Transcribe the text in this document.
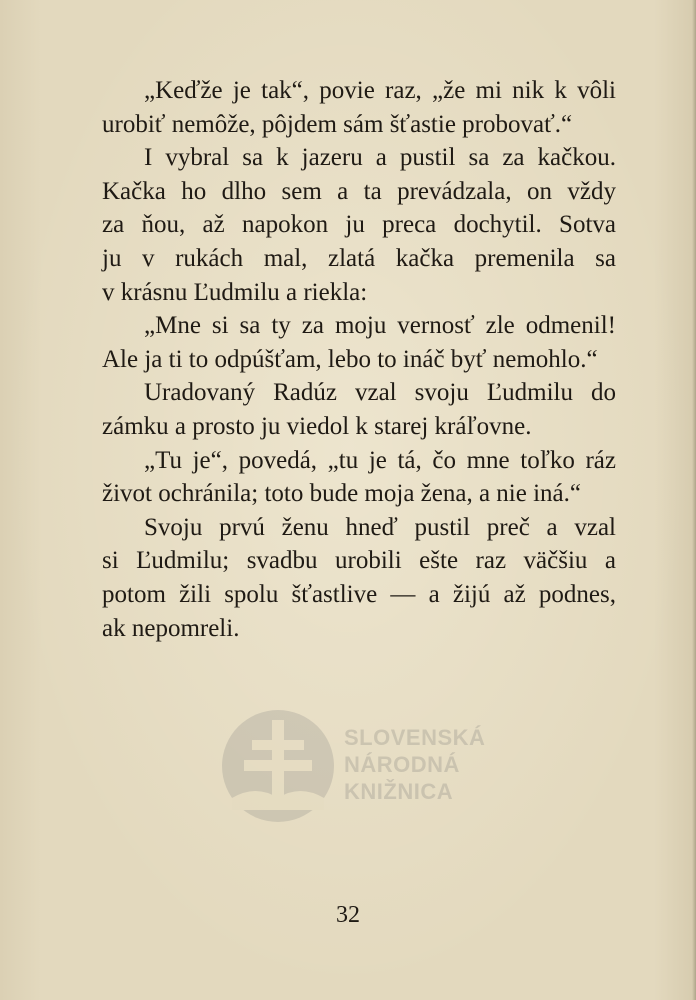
„Keďže je tak“, povie raz, „že mi nik k vôli
urobiť nemôže, pôjdem sám šťastie probovať.“
I vybral sa k jazeru a pustil sa za kačkou.
Kačka ho dlho sem a ta prevádzala, on vždy
za ňou, až napokon ju preca dochytil. Sotva
ju v rukách mal, zlatá kačka premenila sa
v krásnu Ľudmilu a riekla:
„Mne si sa ty za moju vernosť zle odmenil!
Ale ja ti to odpúšťam, lebo to ináč byť nemohlo.“
Uradovaný Radúz vzal svoju Ľudmilu do
zámku a prosto ju viedol k starej kráľovne.
„Tu je“, povedá, „tu je tá, čo mne toľko ráz
život ochránila; toto bude moja žena, a nie iná.“
Svoju prvú ženu hneď pustil preč a vzal
si Ľudmilu; svadbu urobili ešte raz väčšiu a
potom žili spolu šťastlive — a žijú až podnes,
ak nepomreli.
SLOVENSKÁ
NÁRODNÁ
KNIŽNICA
32
